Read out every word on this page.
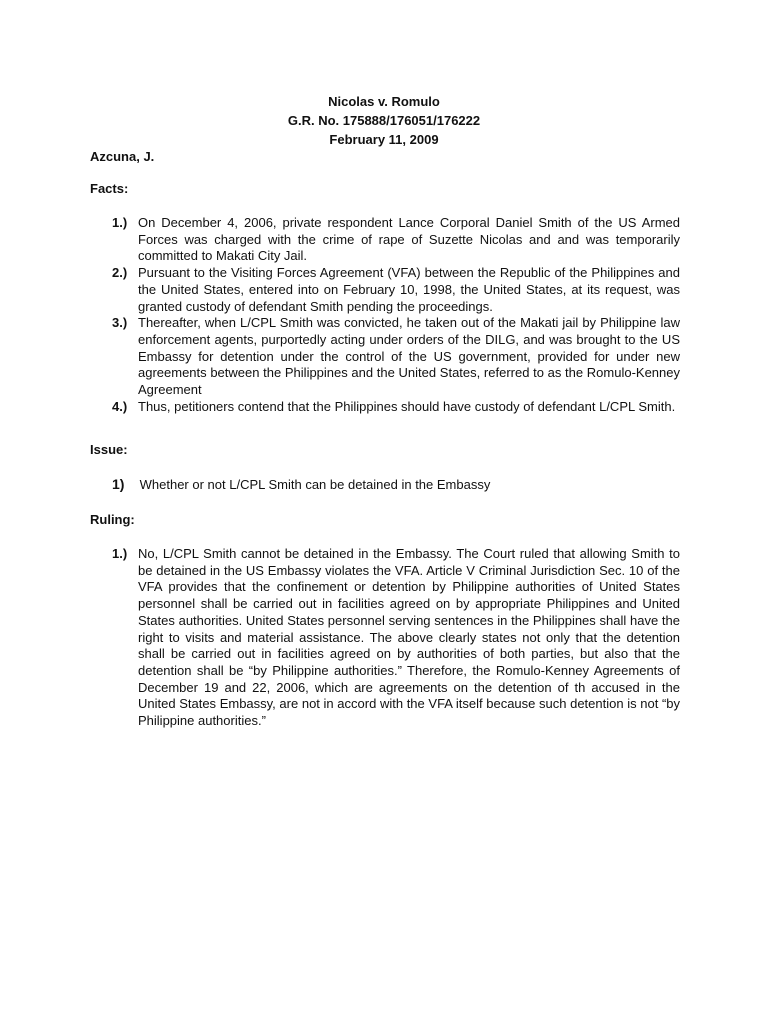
Nicolas v. Romulo
G.R. No. 175888/176051/176222
February 11, 2009
Azcuna, J.
Facts:
1.) On December 4, 2006, private respondent Lance Corporal Daniel Smith of the US Armed Forces was charged with the crime of rape of Suzette Nicolas and and was temporarily committed to Makati City Jail.
2.) Pursuant to the Visiting Forces Agreement (VFA) between the Republic of the Philippines and the United States, entered into on February 10, 1998, the United States, at its request, was granted custody of defendant Smith pending the proceedings.
3.) Thereafter, when L/CPL Smith was convicted, he taken out of the Makati jail by Philippine law enforcement agents, purportedly acting under orders of the DILG, and was brought to the US Embassy for detention under the control of the US government, provided for under new agreements between the Philippines and the United States, referred to as the Romulo-Kenney Agreement
4.) Thus, petitioners contend that the Philippines should have custody of defendant L/CPL Smith.
Issue:
1) Whether or not L/CPL Smith can be detained in the Embassy
Ruling:
1.) No, L/CPL Smith cannot be detained in the Embassy. The Court ruled that allowing Smith to be detained in the US Embassy violates the VFA. Article V Criminal Jurisdiction Sec. 10 of the VFA provides that the confinement or detention by Philippine authorities of United States personnel shall be carried out in facilities agreed on by appropriate Philippines and United States authorities. United States personnel serving sentences in the Philippines shall have the right to visits and material assistance. The above clearly states not only that the detention shall be carried out in facilities agreed on by authorities of both parties, but also that the detention shall be “by Philippine authorities.” Therefore, the Romulo-Kenney Agreements of December 19 and 22, 2006, which are agreements on the detention of th accused in the United States Embassy, are not in accord with the VFA itself because such detention is not “by Philippine authorities.”
